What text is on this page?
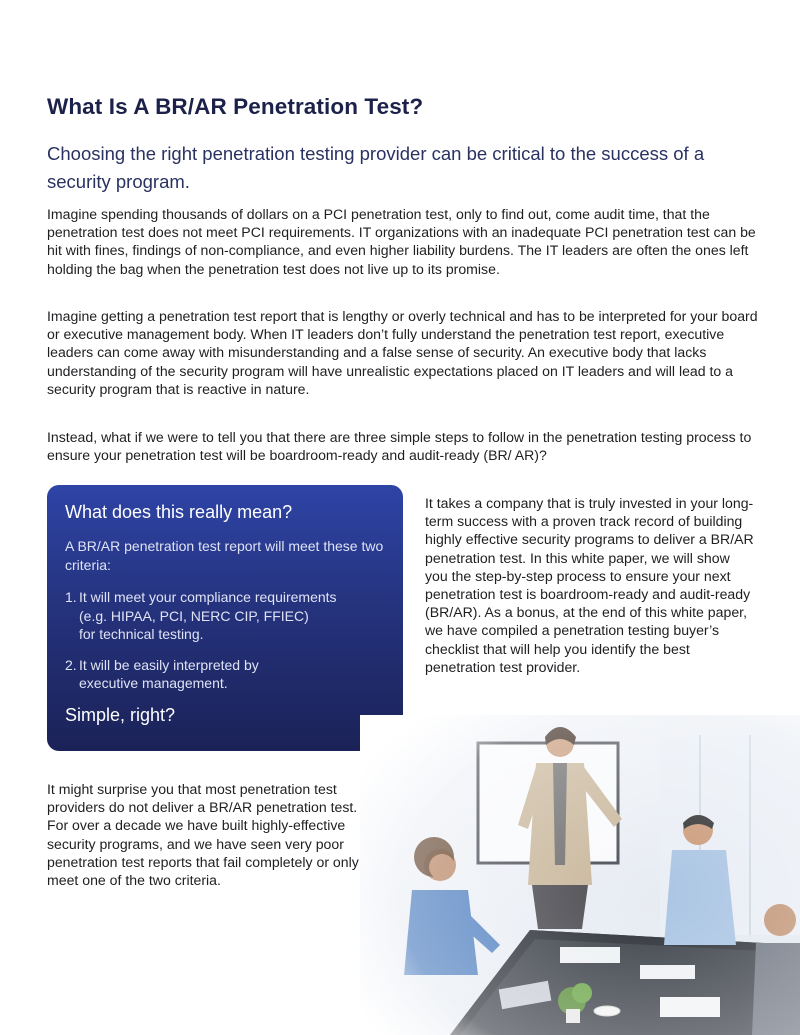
What Is A BR/AR Penetration Test?
Choosing the right penetration testing provider can be critical to the success of a security program.

Imagine spending thousands of dollars on a PCI penetration test, only to find out, come audit time, that the penetration test does not meet PCI requirements. IT organizations with an inadequate PCI penetration test can be hit with fines, findings of non-compliance, and even higher liability burdens. The IT leaders are often the ones left holding the bag when the penetration test does not live up to its promise.

Imagine getting a penetration test report that is lengthy or overly technical and has to be interpreted for your board or executive management body. When IT leaders don’t fully understand the penetration test report, executive leaders can come away with misunderstanding and a false sense of security. An executive body that lacks understanding of the security program will have unrealistic expectations placed on IT leaders and will lead to a security program that is reactive in nature.

Instead, what if we were to tell you that there are three simple steps to follow in the penetration testing process to ensure your penetration test will be boardroom-ready and audit-ready (BR/ AR)?

What does this really mean?

A BR/AR penetration test report will meet these two criteria:

1. It will meet your compliance requirements
(e.g. HIPAA, PCI, NERC CIP, FFIEC)
for technical testing.
2. It will be easily interpreted by
executive management.

Simple, right?

It takes a company that is truly invested in your long-term success with a proven track record of building highly effective security programs to deliver a BR/AR penetration test. In this white paper, we will show you the step-by-step process to ensure your next penetration test is boardroom-ready and audit-ready (BR/AR). As a bonus, at the end of this white paper, we have compiled a penetration testing buyer’s checklist that will help you identify the best penetration test provider.

It might surprise you that most penetration test providers do not deliver a BR/AR penetration test. For over a decade we have built highly-effective security programs, and we have seen very poor penetration test reports that fail completely or only meet one of the two criteria.
